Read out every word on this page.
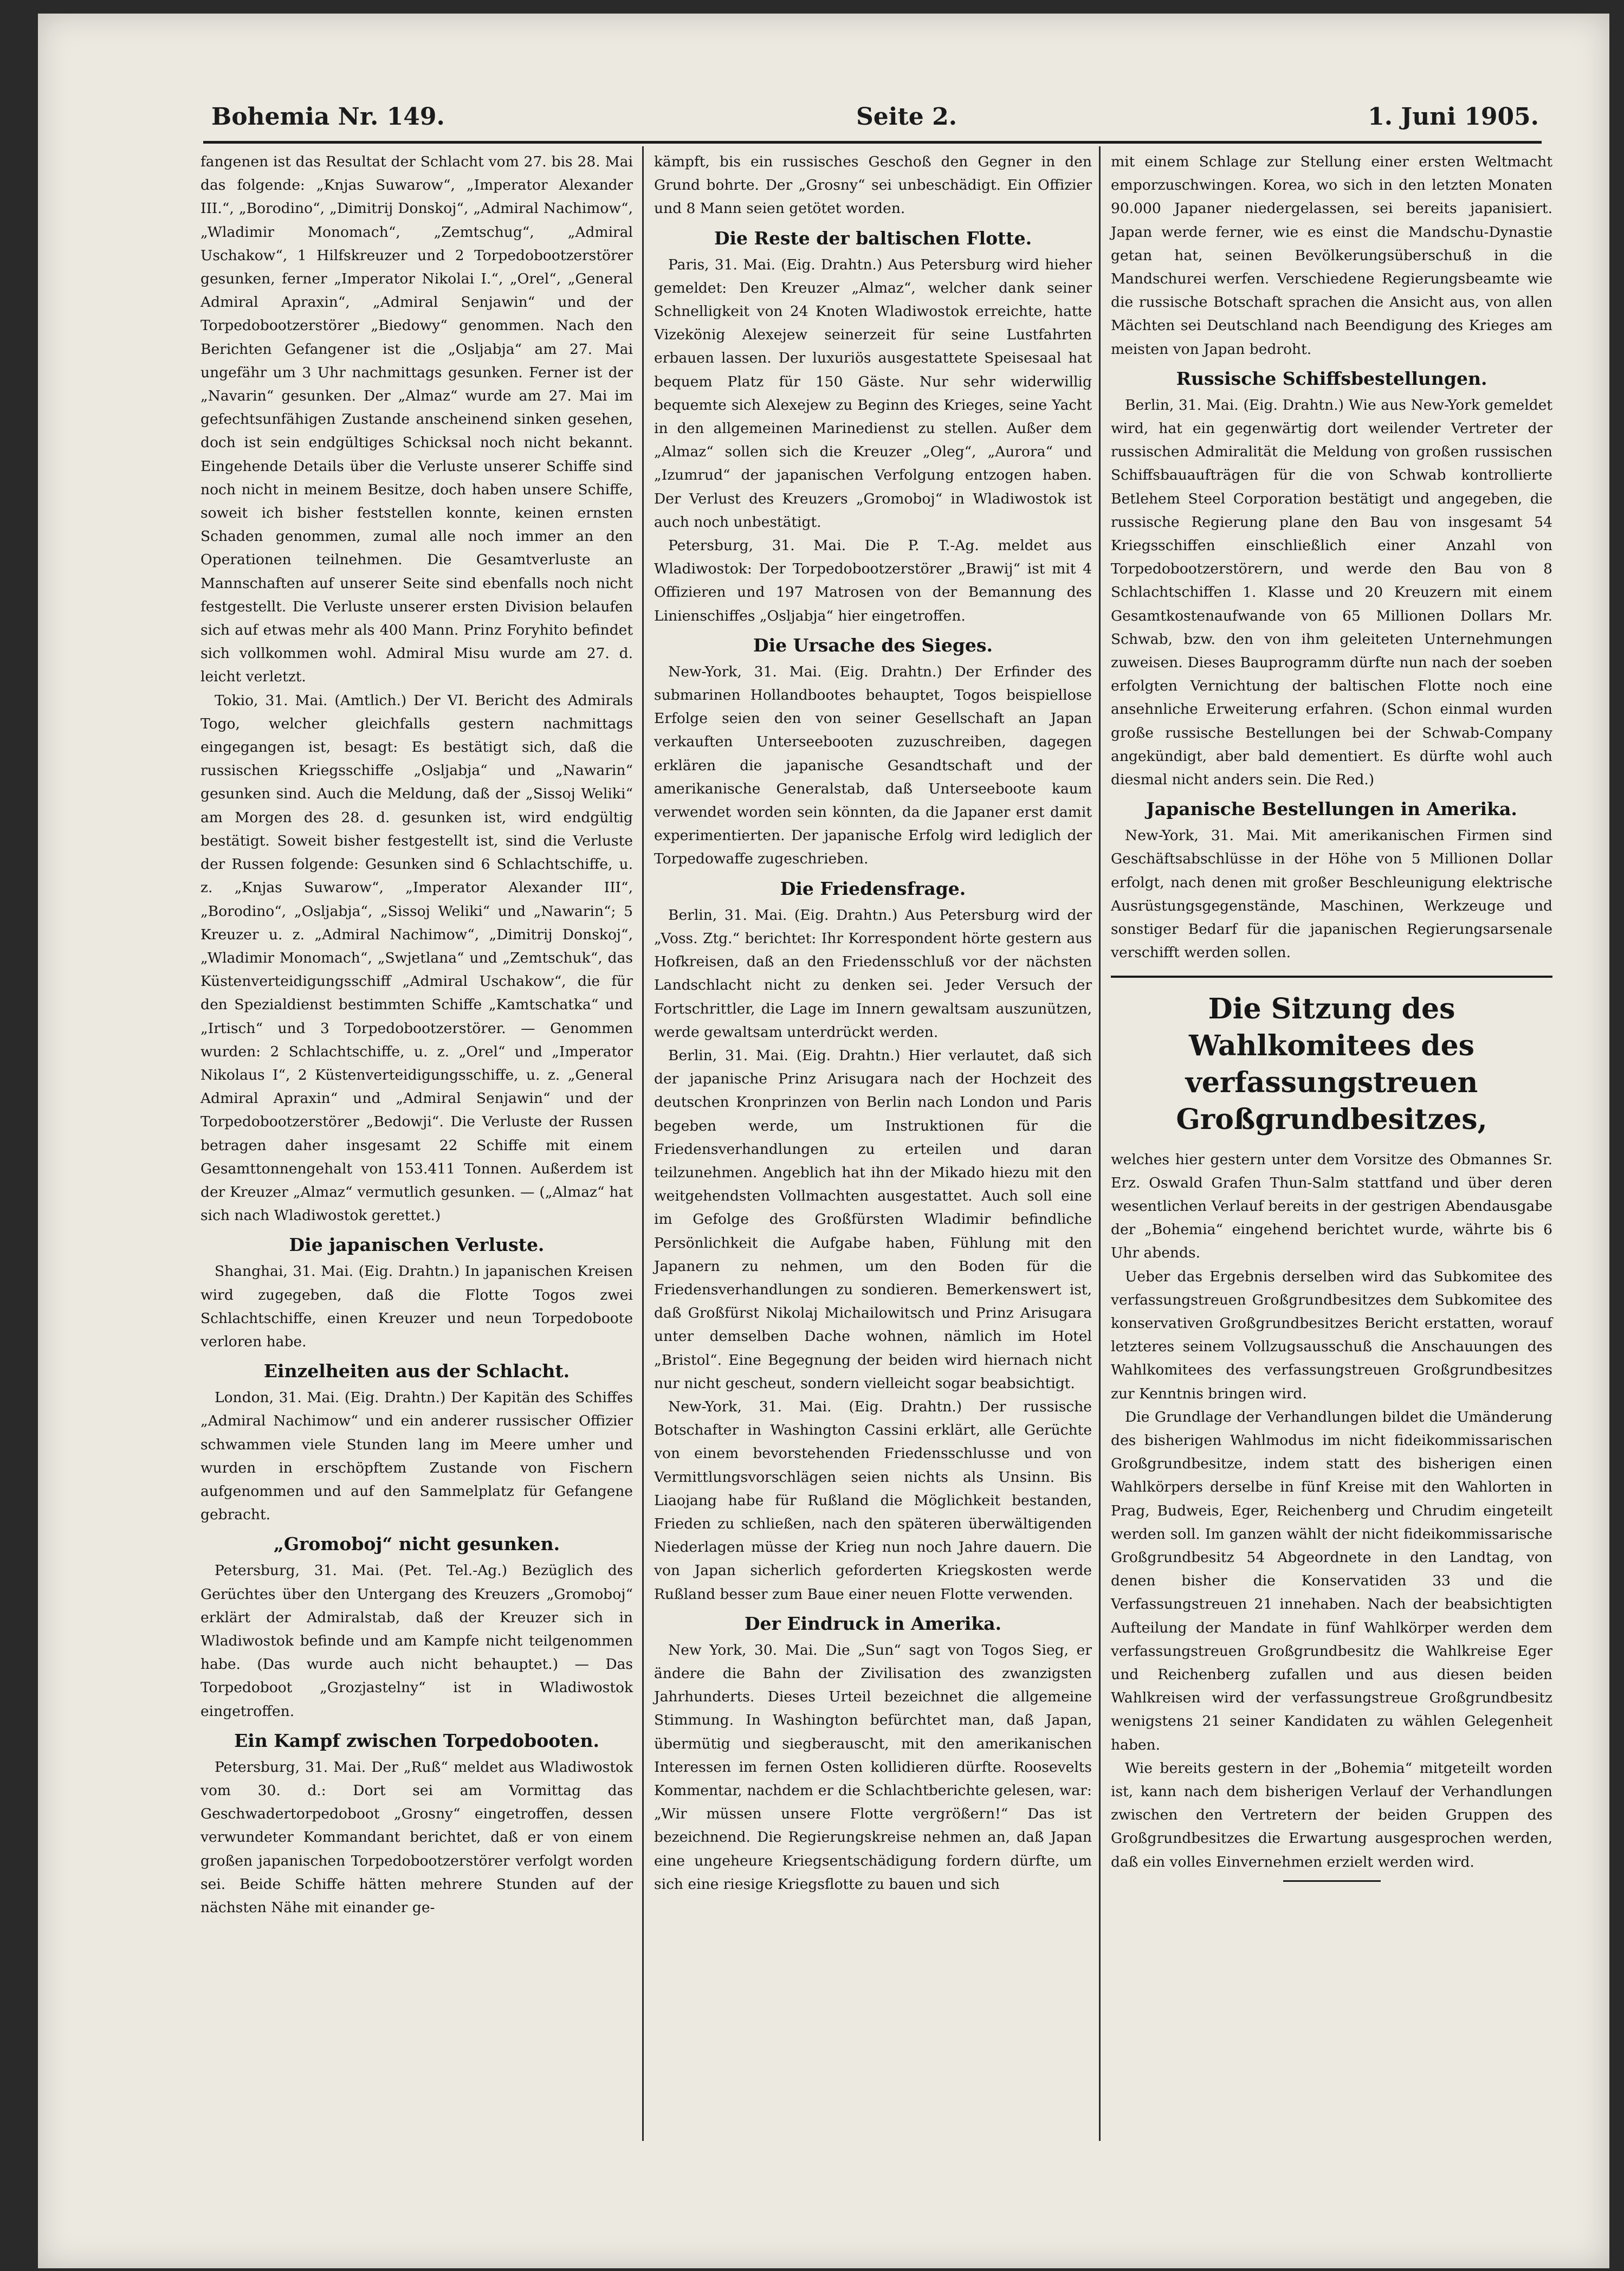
Bohemia Nr. 149.	Seite 2.	1. Juni 1905.

fangenen ist das Resultat der Schlacht vom 27. bis 28. Mai das folgende: „Knjas Suwarow“, „Imperator Alexander III.“, „Borodino“, „Dimitrij Donskoj“, „Admiral Nachimow“, „Wladimir Monomach“, „Zemtschug“, „Admiral Uschakow“, 1 Hilfskreuzer und 2 Torpedobootzerstörer gesunken, ferner „Imperator Nikolai I.“, „Orel“, „General Admiral Apraxin“, „Admiral Senjawin“ und der Torpedobootzerstörer „Biedowy“ genommen. Nach den Berichten Gefangener ist die „Osljabja“ am 27. Mai ungefähr um 3 Uhr nachmittags gesunken. Ferner ist der „Navarin“ gesunken. Der „Almaz“ wurde am 27. Mai im gefechtsunfähigen Zustande anscheinend sinken gesehen, doch ist sein endgültiges Schicksal noch nicht bekannt. Eingehende Details über die Verluste unserer Schiffe sind noch nicht in meinem Besitze, doch haben unsere Schiffe, soweit ich bisher feststellen konnte, keinen ernsten Schaden genommen, zumal alle noch immer an den Operationen teilnehmen. Die Gesamtverluste an Mannschaften auf unserer Seite sind ebenfalls noch nicht festgestellt. Die Verluste unserer ersten Division belaufen sich auf etwas mehr als 400 Mann. Prinz Foryhito befindet sich vollkommen wohl. Admiral Misu wurde am 27. d. leicht verletzt.

Tokio, 31. Mai. (Amtlich.) Der VI. Bericht des Admirals Togo, welcher gleichfalls gestern nachmittags eingegangen ist, besagt: Es bestätigt sich, daß die russischen Kriegsschiffe „Osljabja“ und „Nawarin“ gesunken sind. Auch die Meldung, daß der „Sissoj Weliki“ am Morgen des 28. d. gesunken ist, wird endgültig bestätigt. Soweit bisher festgestellt ist, sind die Verluste der Russen folgende: Gesunken sind 6 Schlachtschiffe, u. z. „Knjas Suwarow“, „Imperator Alexander III“, „Borodino“, „Osljabja“, „Sissoj Weliki“ und „Nawarin“; 5 Kreuzer u. z. „Admiral Nachimow“, „Dimitrij Donskoj“, „Wladimir Monomach“, „Swjetlana“ und „Zemtschuk“, das Küstenverteidigungsschiff „Admiral Uschakow“, die für den Spezialdienst bestimmten Schiffe „Kamtschatka“ und „Irtisch“ und 3 Torpedobootzerstörer. — Genommen wurden: 2 Schlachtschiffe, u. z. „Orel“ und „Imperator Nikolaus I“, 2 Küstenverteidigungsschiffe, u. z. „General Admiral Apraxin“ und „Admiral Senjawin“ und der Torpedobootzerstörer „Bedowji“. Die Verluste der Russen betragen daher insgesamt 22 Schiffe mit einem Gesamttonnengehalt von 153.411 Tonnen. Außerdem ist der Kreuzer „Almaz“ vermutlich gesunken. — („Almaz“ hat sich nach Wladiwostok gerettet.)

Die japanischen Verluste.

Shanghai, 31. Mai. (Eig. Drahtn.) In japanischen Kreisen wird zugegeben, daß die Flotte Togos zwei Schlachtschiffe, einen Kreuzer und neun Torpedoboote verloren habe.

Einzelheiten aus der Schlacht.

London, 31. Mai. (Eig. Drahtn.) Der Kapitän des Schiffes „Admiral Nachimow“ und ein anderer russischer Offizier schwammen viele Stunden lang im Meere umher und wurden in erschöpftem Zustande von Fischern aufgenommen und auf den Sammelplatz für Gefangene gebracht.

„Gromoboj“ nicht gesunken.

Petersburg, 31. Mai. (Pet. Tel.-Ag.) Bezüglich des Gerüchtes über den Untergang des Kreuzers „Gromoboj“ erklärt der Admiralstab, daß der Kreuzer sich in Wladiwostok befinde und am Kampfe nicht teilgenommen habe. (Das wurde auch nicht behauptet.) — Das Torpedoboot „Grozjastelny“ ist in Wladiwostok eingetroffen.

Ein Kampf zwischen Torpedobooten.

Petersburg, 31. Mai. Der „Ruß“ meldet aus Wladiwostok vom 30. d.: Dort sei am Vormittag das Geschwadertorpedoboot „Grosny“ eingetroffen, dessen verwundeter Kommandant berichtet, daß er von einem großen japanischen Torpedobootzerstörer verfolgt worden sei. Beide Schiffe hätten mehrere Stunden auf der nächsten Nähe mit einander ge-

kämpft, bis ein russisches Geschoß den Gegner in den Grund bohrte. Der „Grosny“ sei unbeschädigt. Ein Offizier und 8 Mann seien getötet worden.

Die Reste der baltischen Flotte.

Paris, 31. Mai. (Eig. Drahtn.) Aus Petersburg wird hieher gemeldet: Den Kreuzer „Almaz“, welcher dank seiner Schnelligkeit von 24 Knoten Wladiwostok erreichte, hatte Vizekönig Alexejew seinerzeit für seine Lustfahrten erbauen lassen. Der luxuriös ausgestattete Speisesaal hat bequem Platz für 150 Gäste. Nur sehr widerwillig bequemte sich Alexejew zu Beginn des Krieges, seine Yacht in den allgemeinen Marinedienst zu stellen. Außer dem „Almaz“ sollen sich die Kreuzer „Oleg“, „Aurora“ und „Izumrud“ der japanischen Verfolgung entzogen haben. Der Verlust des Kreuzers „Gromoboj“ in Wladiwostok ist auch noch unbestätigt.

Petersburg, 31. Mai. Die P. T.-Ag. meldet aus Wladiwostok: Der Torpedobootzerstörer „Brawij“ ist mit 4 Offizieren und 197 Matrosen von der Bemannung des Linienschiffes „Osljabja“ hier eingetroffen.

Die Ursache des Sieges.

New-York, 31. Mai. (Eig. Drahtn.) Der Erfinder des submarinen Hollandbootes behauptet, Togos beispiellose Erfolge seien den von seiner Gesellschaft an Japan verkauften Unterseebooten zuzuschreiben, dagegen erklären die japanische Gesandtschaft und der amerikanische Generalstab, daß Unterseeboote kaum verwendet worden sein könnten, da die Japaner erst damit experimentierten. Der japanische Erfolg wird lediglich der Torpedowaffe zugeschrieben.

Die Friedensfrage.

Berlin, 31. Mai. (Eig. Drahtn.) Aus Petersburg wird der „Voss. Ztg.“ berichtet: Ihr Korrespondent hörte gestern aus Hofkreisen, daß an den Friedensschluß vor der nächsten Landschlacht nicht zu denken sei. Jeder Versuch der Fortschrittler, die Lage im Innern gewaltsam auszunützen, werde gewaltsam unterdrückt werden.

Berlin, 31. Mai. (Eig. Drahtn.) Hier verlautet, daß sich der japanische Prinz Arisugara nach der Hochzeit des deutschen Kronprinzen von Berlin nach London und Paris begeben werde, um Instruktionen für die Friedensverhandlungen zu erteilen und daran teilzunehmen. Angeblich hat ihn der Mikado hiezu mit den weitgehendsten Vollmachten ausgestattet. Auch soll eine im Gefolge des Großfürsten Wladimir befindliche Persönlichkeit die Aufgabe haben, Fühlung mit den Japanern zu nehmen, um den Boden für die Friedensverhandlungen zu sondieren. Bemerkenswert ist, daß Großfürst Nikolaj Michailowitsch und Prinz Arisugara unter demselben Dache wohnen, nämlich im Hotel „Bristol“. Eine Begegnung der beiden wird hiernach nicht nur nicht gescheut, sondern vielleicht sogar beabsichtigt.

New-York, 31. Mai. (Eig. Drahtn.) Der russische Botschafter in Washington Cassini erklärt, alle Gerüchte von einem bevorstehenden Friedensschlusse und von Vermittlungsvorschlägen seien nichts als Unsinn. Bis Liaojang habe für Rußland die Möglichkeit bestanden, Frieden zu schließen, nach den späteren überwältigenden Niederlagen müsse der Krieg nun noch Jahre dauern. Die von Japan sicherlich geforderten Kriegskosten werde Rußland besser zum Baue einer neuen Flotte verwenden.

Der Eindruck in Amerika.

New York, 30. Mai. Die „Sun“ sagt von Togos Sieg, er ändere die Bahn der Zivilisation des zwanzigsten Jahrhunderts. Dieses Urteil bezeichnet die allgemeine Stimmung. In Washington befürchtet man, daß Japan, übermütig und siegberauscht, mit den amerikanischen Interessen im fernen Osten kollidieren dürfte. Roosevelts Kommentar, nachdem er die Schlachtberichte gelesen, war: „Wir müssen unsere Flotte vergrößern!“ Das ist bezeichnend. Die Regierungskreise nehmen an, daß Japan eine ungeheure Kriegsentschädigung fordern dürfte, um sich eine riesige Kriegsflotte zu bauen und sich

mit einem Schlage zur Stellung einer ersten Weltmacht emporzuschwingen. Korea, wo sich in den letzten Monaten 90.000 Japaner niedergelassen, sei bereits japanisiert. Japan werde ferner, wie es einst die Mandschu-Dynastie getan hat, seinen Bevölkerungsüberschuß in die Mandschurei werfen. Verschiedene Regierungsbeamte wie die russische Botschaft sprachen die Ansicht aus, von allen Mächten sei Deutschland nach Beendigung des Krieges am meisten von Japan bedroht.

Russische Schiffsbestellungen.

Berlin, 31. Mai. (Eig. Drahtn.) Wie aus New-York gemeldet wird, hat ein gegenwärtig dort weilender Vertreter der russischen Admiralität die Meldung von großen russischen Schiffsbauaufträgen für die von Schwab kontrollierte Betlehem Steel Corporation bestätigt und angegeben, die russische Regierung plane den Bau von insgesamt 54 Kriegsschiffen einschließlich einer Anzahl von Torpedobootzerstörern, und werde den Bau von 8 Schlachtschiffen 1. Klasse und 20 Kreuzern mit einem Gesamtkostenaufwande von 65 Millionen Dollars Mr. Schwab, bzw. den von ihm geleiteten Unternehmungen zuweisen. Dieses Bauprogramm dürfte nun nach der soeben erfolgten Vernichtung der baltischen Flotte noch eine ansehnliche Erweiterung erfahren. (Schon einmal wurden große russische Bestellungen bei der Schwab-Company angekündigt, aber bald dementiert. Es dürfte wohl auch diesmal nicht anders sein. Die Red.)

Japanische Bestellungen in Amerika.

New-York, 31. Mai. Mit amerikanischen Firmen sind Geschäftsabschlüsse in der Höhe von 5 Millionen Dollar erfolgt, nach denen mit großer Beschleunigung elektrische Ausrüstungsgegenstände, Maschinen, Werkzeuge und sonstiger Bedarf für die japanischen Regierungsarsenale verschifft werden sollen.

Die Sitzung des Wahlkomitees des verfassungstreuen Großgrundbesitzes,

welches hier gestern unter dem Vorsitze des Obmannes Sr. Erz. Oswald Grafen Thun-Salm stattfand und über deren wesentlichen Verlauf bereits in der gestrigen Abendausgabe der „Bohemia“ eingehend berichtet wurde, währte bis 6 Uhr abends.

Ueber das Ergebnis derselben wird das Subkomitee des verfassungstreuen Großgrundbesitzes dem Subkomitee des konservativen Großgrundbesitzes Bericht erstatten, worauf letzteres seinem Vollzugsausschuß die Anschauungen des Wahlkomitees des verfassungstreuen Großgrundbesitzes zur Kenntnis bringen wird.

Die Grundlage der Verhandlungen bildet die Umänderung des bisherigen Wahlmodus im nicht fideikommissarischen Großgrundbesitze, indem statt des bisherigen einen Wahlkörpers derselbe in fünf Kreise mit den Wahlorten in Prag, Budweis, Eger, Reichenberg und Chrudim eingeteilt werden soll. Im ganzen wählt der nicht fideikommissarische Großgrundbesitz 54 Abgeordnete in den Landtag, von denen bisher die Konservatiden 33 und die Verfassungstreuen 21 innehaben. Nach der beabsichtigten Aufteilung der Mandate in fünf Wahlkörper werden dem verfassungstreuen Großgrundbesitz die Wahlkreise Eger und Reichenberg zufallen und aus diesen beiden Wahlkreisen wird der verfassungstreue Großgrundbesitz wenigstens 21 seiner Kandidaten zu wählen Gelegenheit haben.

Wie bereits gestern in der „Bohemia“ mitgeteilt worden ist, kann nach dem bisherigen Verlauf der Verhandlungen zwischen den Vertretern der beiden Gruppen des Großgrundbesitzes die Erwartung ausgesprochen werden, daß ein volles Einvernehmen erzielt werden wird.
